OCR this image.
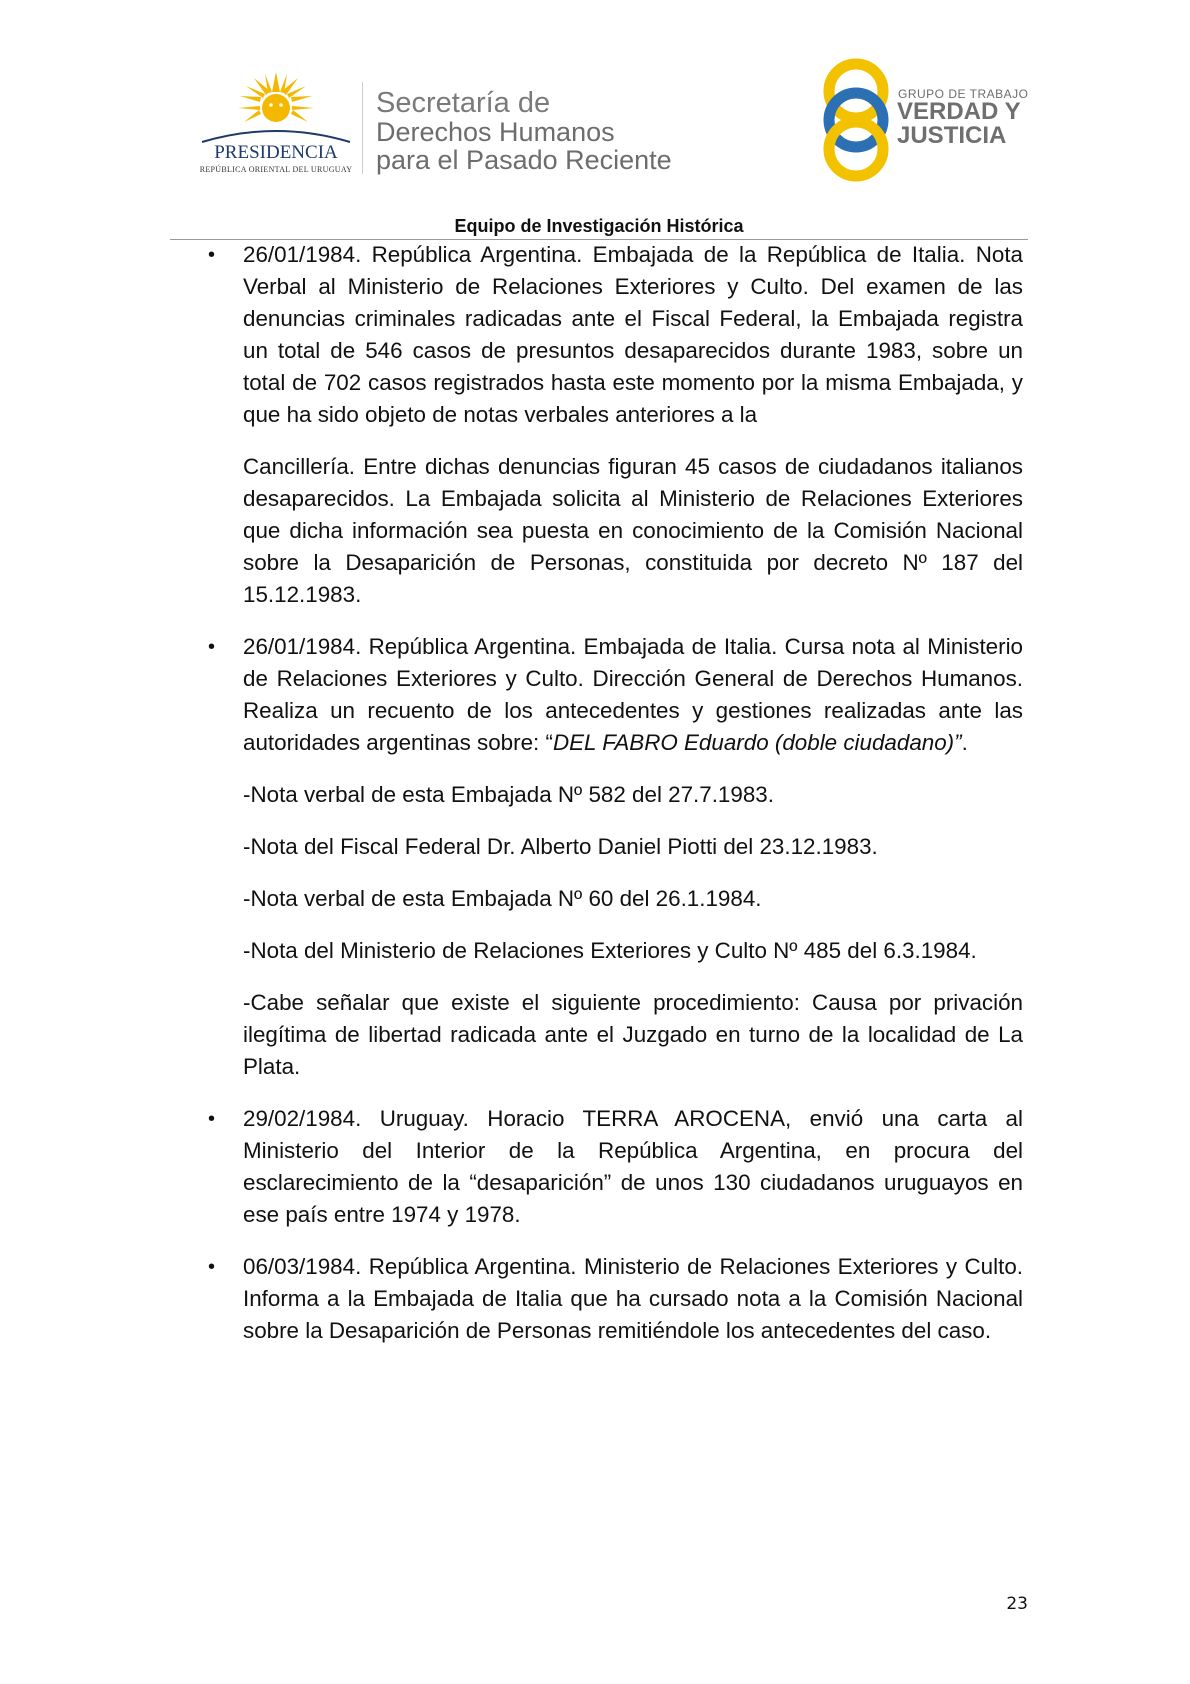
PRESIDENCIA
REPÚBLICA ORIENTAL DEL URUGUAY
Secretaría de
Derechos Humanos
para el Pasado Reciente
GRUPO DE TRABAJO
VERDAD Y
JUSTICIA
Equipo de Investigación Histórica
• 26/01/1984. República Argentina. Embajada de la República de Italia. Nota Verbal al Ministerio de Relaciones Exteriores y Culto. Del examen de las denuncias criminales radicadas ante el Fiscal Federal, la Embajada registra un total de 546 casos de presuntos desaparecidos durante 1983, sobre un total de 702 casos registrados hasta este momento por la misma Embajada, y que ha sido objeto de notas verbales anteriores a la

Cancillería. Entre dichas denuncias figuran 45 casos de ciudadanos italianos desaparecidos. La Embajada solicita al Ministerio de Relaciones Exteriores que dicha información sea puesta en conocimiento de la Comisión Nacional sobre la Desaparición de Personas, constituida por decreto Nº 187 del 15.12.1983.

• 26/01/1984. República Argentina. Embajada de Italia. Cursa nota al Ministerio de Relaciones Exteriores y Culto. Dirección General de Derechos Humanos. Realiza un recuento de los antecedentes y gestiones realizadas ante las autoridades argentinas sobre: “DEL FABRO Eduardo (doble ciudadano)”.

-Nota verbal de esta Embajada Nº 582 del 27.7.1983.

-Nota del Fiscal Federal Dr. Alberto Daniel Piotti del 23.12.1983.

-Nota verbal de esta Embajada Nº 60 del 26.1.1984.

-Nota del Ministerio de Relaciones Exteriores y Culto Nº 485 del 6.3.1984.

-Cabe señalar que existe el siguiente procedimiento: Causa por privación ilegítima de libertad radicada ante el Juzgado en turno de la localidad de La Plata.

• 29/02/1984. Uruguay. Horacio TERRA AROCENA, envió una carta al Ministerio del Interior de la República Argentina, en procura del esclarecimiento de la “desaparición” de unos 130 ciudadanos uruguayos en ese país entre 1974 y 1978.

• 06/03/1984. República Argentina. Ministerio de Relaciones Exteriores y Culto. Informa a la Embajada de Italia que ha cursado nota a la Comisión Nacional sobre la Desaparición de Personas remitiéndole los antecedentes del caso.

23
